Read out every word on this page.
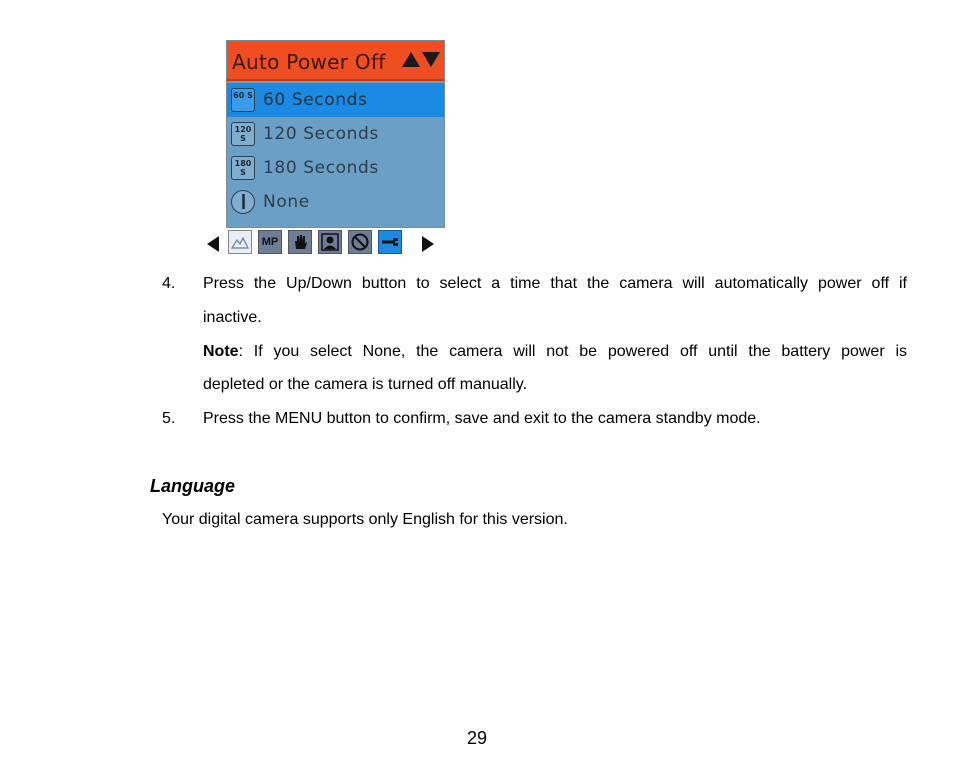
Auto Power Off
60 S 60 Seconds
120 S	120 Seconds
180 S	180 Seconds
None
MP
4. Press the Up/Down button to select a time that the camera will automatically power off if
inactive.
Note: If you select None, the camera will not be powered off until the battery power is
depleted or the camera is turned off manually.
5. Press the MENU button to confirm, save and exit to the camera standby mode.
Language
Your digital camera supports only English for this version.
29
